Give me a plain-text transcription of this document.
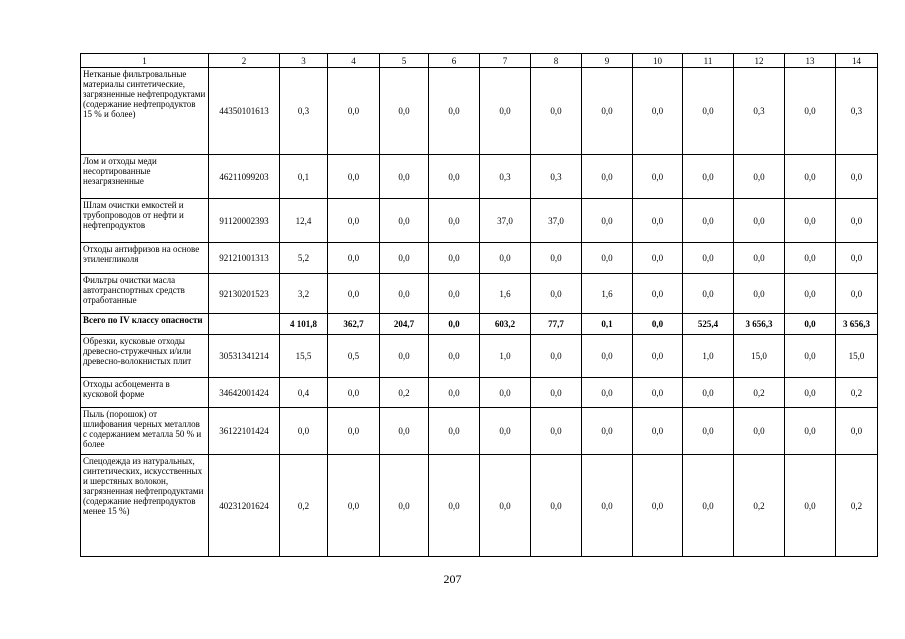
1	2	3	4	5	6	7	8	9	10	11	12	13	14
Нетканые фильтровальные материалы синтетические, загрязненные нефтепродуктами (содержание нефтепродуктов 15 % и более)	44350101613	0,3	0,0	0,0	0,0	0,0	0,0	0,0	0,0	0,0	0,3	0,0	0,3
Лом и отходы меди несортированные незагрязненные	46211099203	0,1	0,0	0,0	0,0	0,3	0,3	0,0	0,0	0,0	0,0	0,0	0,0
Шлам очистки емкостей и трубопроводов от нефти и нефтепродуктов	91120002393	12,4	0,0	0,0	0,0	37,0	37,0	0,0	0,0	0,0	0,0	0,0	0,0
Отходы антифризов на основе этиленгликоля	92121001313	5,2	0,0	0,0	0,0	0,0	0,0	0,0	0,0	0,0	0,0	0,0	0,0
Фильтры очистки масла автотранспортных средств отработанные	92130201523	3,2	0,0	0,0	0,0	1,6	0,0	1,6	0,0	0,0	0,0	0,0	0,0
Всего по IV классу опасности		4 101,8	362,7	204,7	0,0	603,2	77,7	0,1	0,0	525,4	3 656,3	0,0	3 656,3
Обрезки, кусковые отходы древесно-стружечных и/или древесно-волокнистых плит	30531341214	15,5	0,5	0,0	0,0	1,0	0,0	0,0	0,0	1,0	15,0	0,0	15,0
Отходы асбоцемента в кусковой форме	34642001424	0,4	0,0	0,2	0,0	0,0	0,0	0,0	0,0	0,0	0,2	0,0	0,2
Пыль (порошок) от шлифования черных металлов с содержанием металла 50 % и более	36122101424	0,0	0,0	0,0	0,0	0,0	0,0	0,0	0,0	0,0	0,0	0,0	0,0
Спецодежда из натуральных, синтетических, искусственных и шерстяных волокон, загрязненная нефтепродуктами (содержание нефтепродуктов менее 15 %)	40231201624	0,2	0,0	0,0	0,0	0,0	0,0	0,0	0,0	0,0	0,2	0,0	0,2
207
